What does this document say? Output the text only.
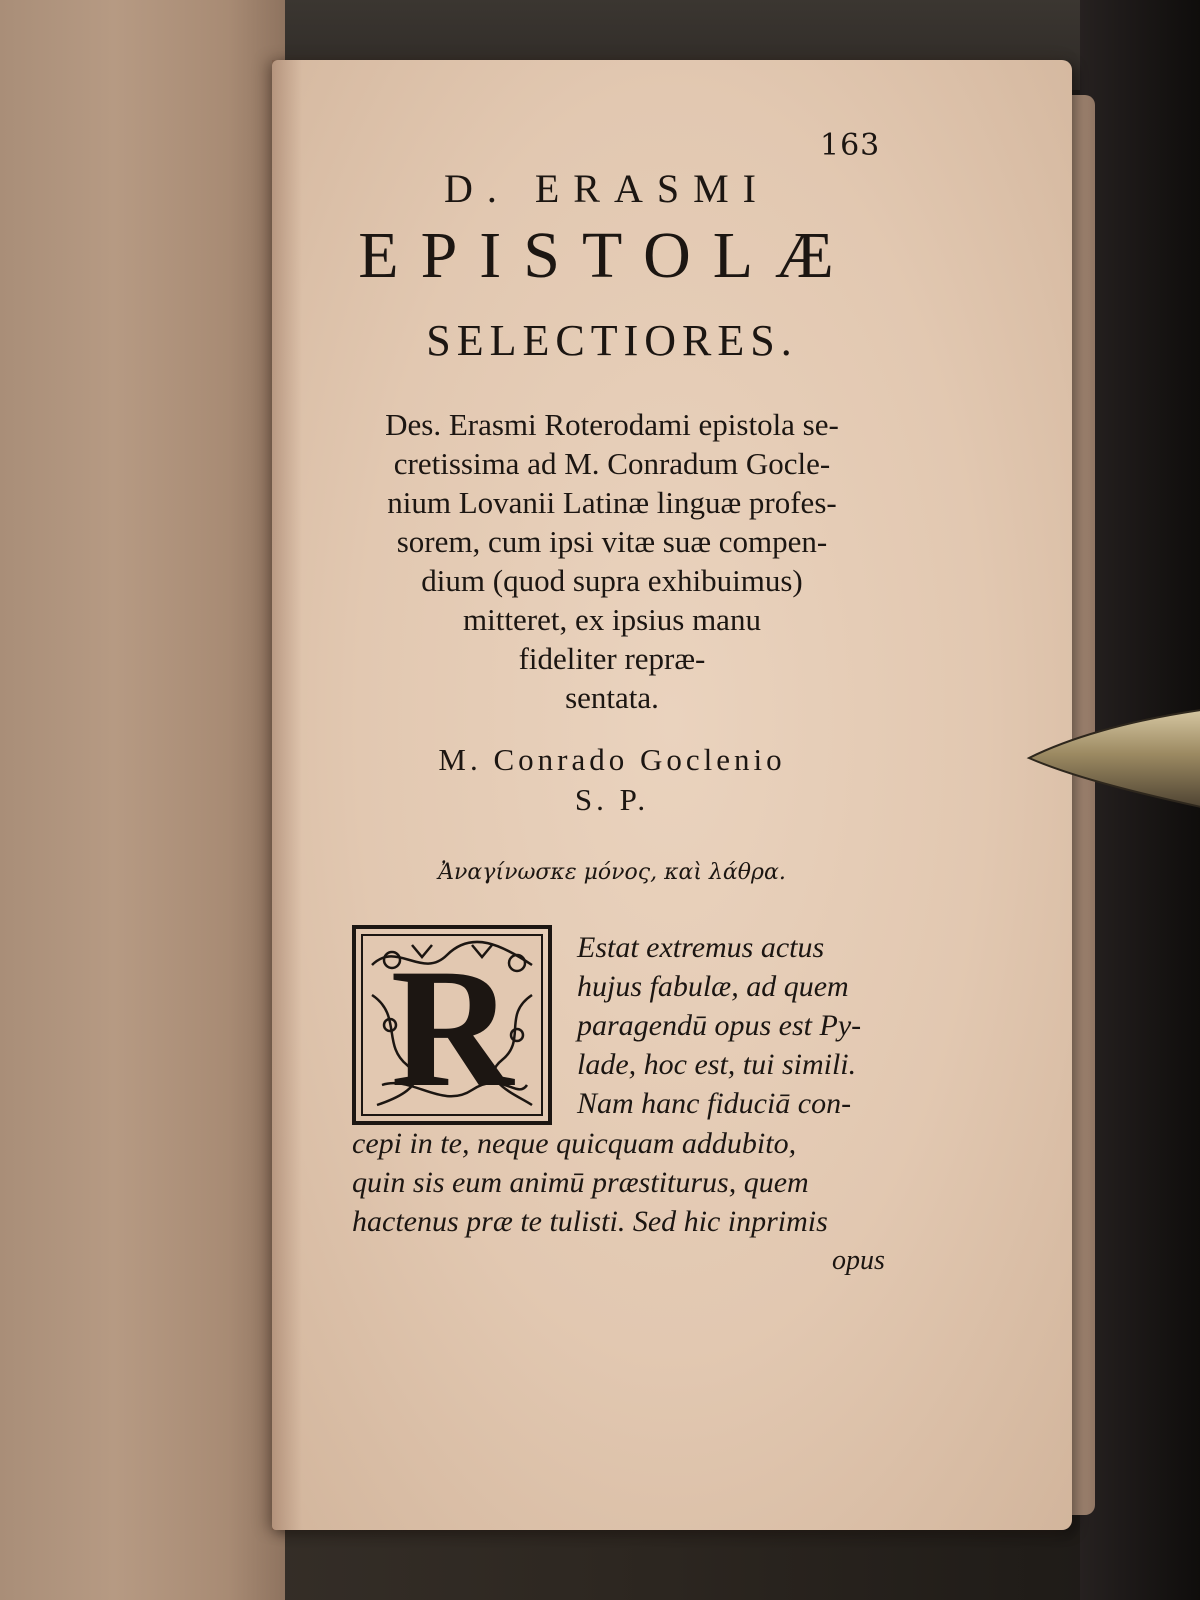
163
D. ERASMI
EPISTOLÆ
SELECTIORES.
Des. Erasmi Roterodami epistola se-
cretissima ad M. Conradum Gocle-
nium Lovanii Latinæ linguæ profes-
sorem, cum ipsi vitæ suæ compen-
dium (quod supra exhibuimus)
mitteret, ex ipsius manu
fideliter repræ-
sentata.
M. Conrado Goclenio
S. P.
Ἀναγίνωσκε μόνος, καὶ λάθρα.
R Estat extremus actus
hujus fabulæ, ad quem
paragendū opus est Py-
lade, hoc est, tui simili.
Nam hanc fiduciā con-
cepi in te, neque quicquam addubito,
quin sis eum animū præstiturus, quem
hactenus præ te tulisti. Sed hic inprimis
opus
